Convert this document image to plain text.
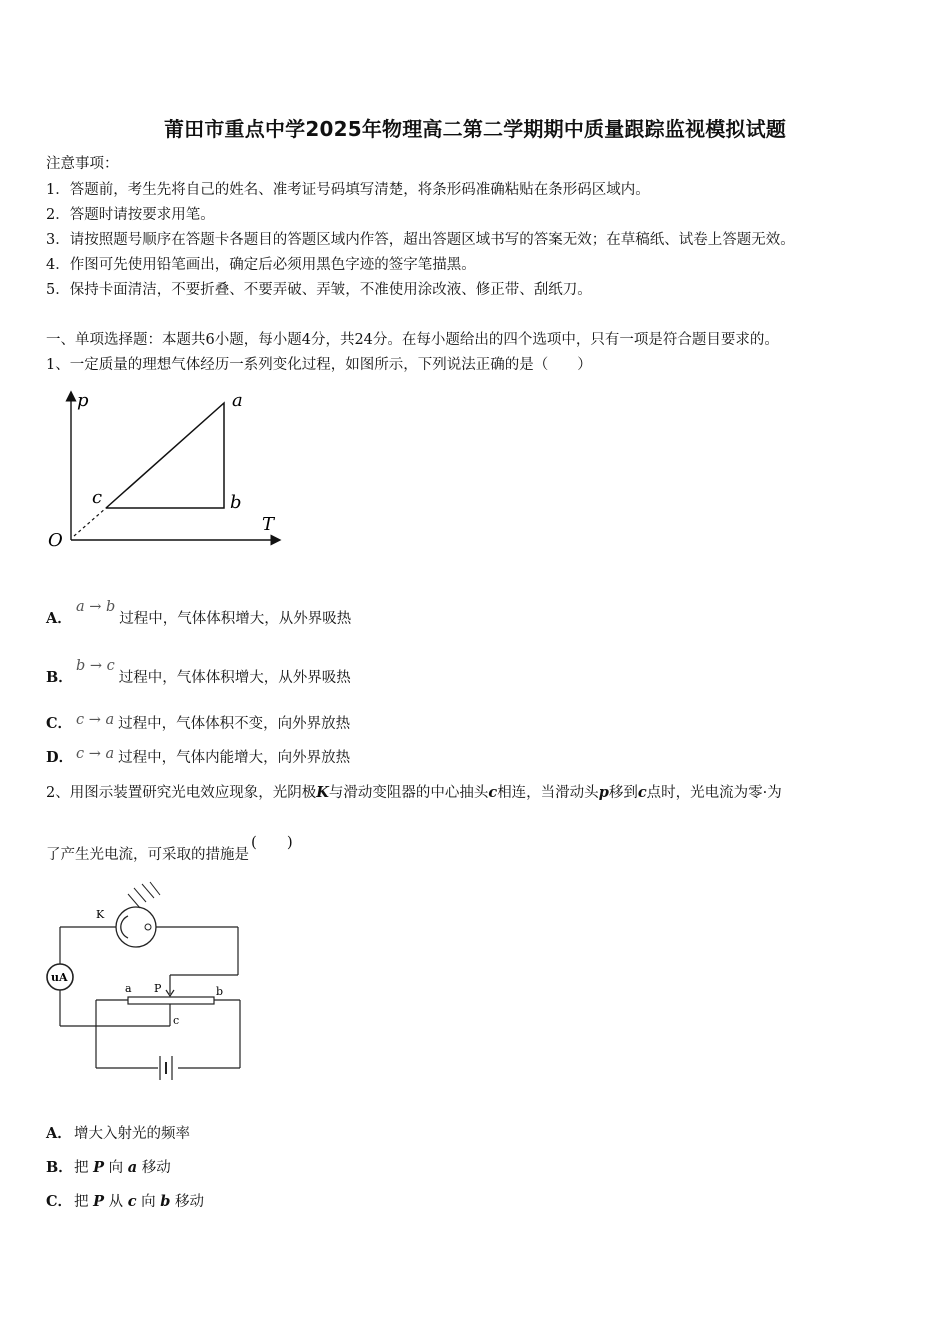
莆田市重点中学2025年物理高二第二学期期中质量跟踪监视模拟试题
注意事项：
1．答题前，考生先将自己的姓名、准考证号码填写清楚，将条形码准确粘贴在条形码区域内。
2．答题时请按要求用笔。
3．请按照题号顺序在答题卡各题目的答题区域内作答，超出答题区域书写的答案无效；在草稿纸、试卷上答题无效。
4．作图可先使用铅笔画出，确定后必须用黑色字迹的签字笔描黑。
5．保持卡面清洁，不要折叠、不要弄破、弄皱，不准使用涂改液、修正带、刮纸刀。
一、单项选择题：本题共6小题，每小题4分，共24分。在每小题给出的四个选项中，只有一项是符合题目要求的。
1、一定质量的理想气体经历一系列变化过程，如图所示，下列说法正确的是（　　）
p
T
O
a
b
c
A．a → b过程中，气体体积增大，从外界吸热
B．b → c过程中，气体体积增大，从外界吸热
C． c → a 过程中，气体体积不变，向外界放热
D． c → a 过程中，气体内能增大，向外界放热
2、用图示装置研究光电效应现象，光阴极K与滑动变阻器的中心抽头c相连，当滑动头p移到c点时，光电流为零·为
了产生光电流，可采取的措施是(　　)
K
uA
a P	b
c
A． 增大入射光的频率
B．把 P 向 a 移动
C． 把 P 从 c 向 b 移动
